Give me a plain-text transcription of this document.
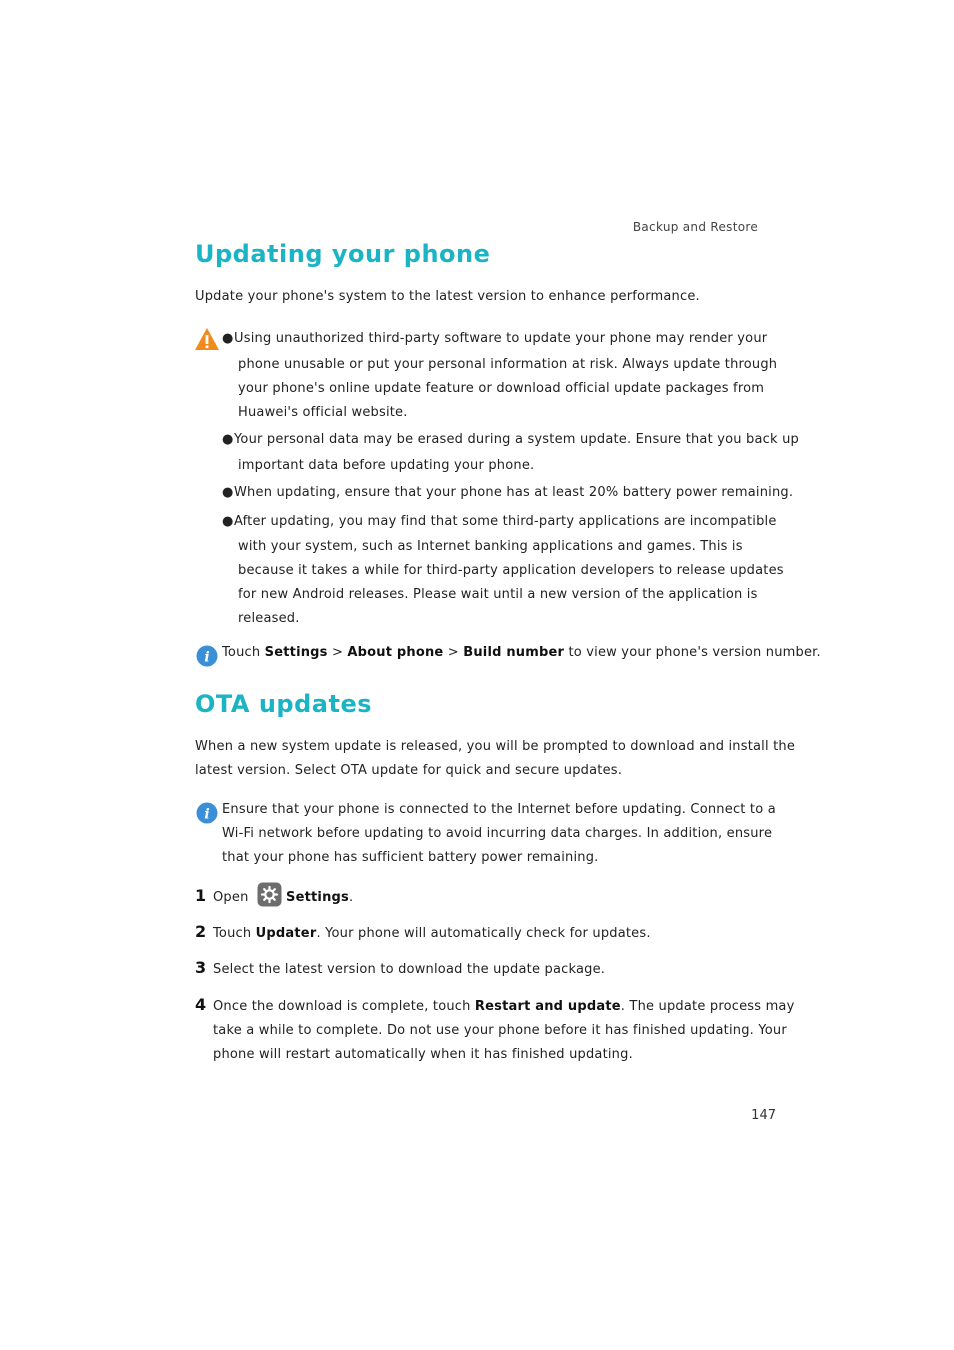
Backup and Restore
Updating your phone
Update your phone's system to the latest version to enhance performance.
● Using unauthorized third-party software to update your phone may render your
phone unusable or put your personal information at risk. Always update through
your phone's online update feature or download official update packages from
Huawei's official website.
● Your personal data may be erased during a system update. Ensure that you back up
important data before updating your phone.
● When updating, ensure that your phone has at least 20% battery power remaining.
● After updating, you may find that some third-party applications are incompatible
with your system, such as Internet banking applications and games. This is
because it takes a while for third-party application developers to release updates
for new Android releases. Please wait until a new version of the application is
released.
i Touch Settings > About phone > Build number to view your phone's version number.
OTA updates
When a new system update is released, you will be prompted to download and install the
latest version. Select OTA update for quick and secure updates.
i Ensure that your phone is connected to the Internet before updating. Connect to a
Wi-Fi network before updating to avoid incurring data charges. In addition, ensure
that your phone has sufficient battery power remaining.
1 Open	Settings.
2 Touch Updater. Your phone will automatically check for updates.
3 Select the latest version to download the update package.
4 Once the download is complete, touch Restart and update. The update process may
take a while to complete. Do not use your phone before it has finished updating. Your
phone will restart automatically when it has finished updating.
147
